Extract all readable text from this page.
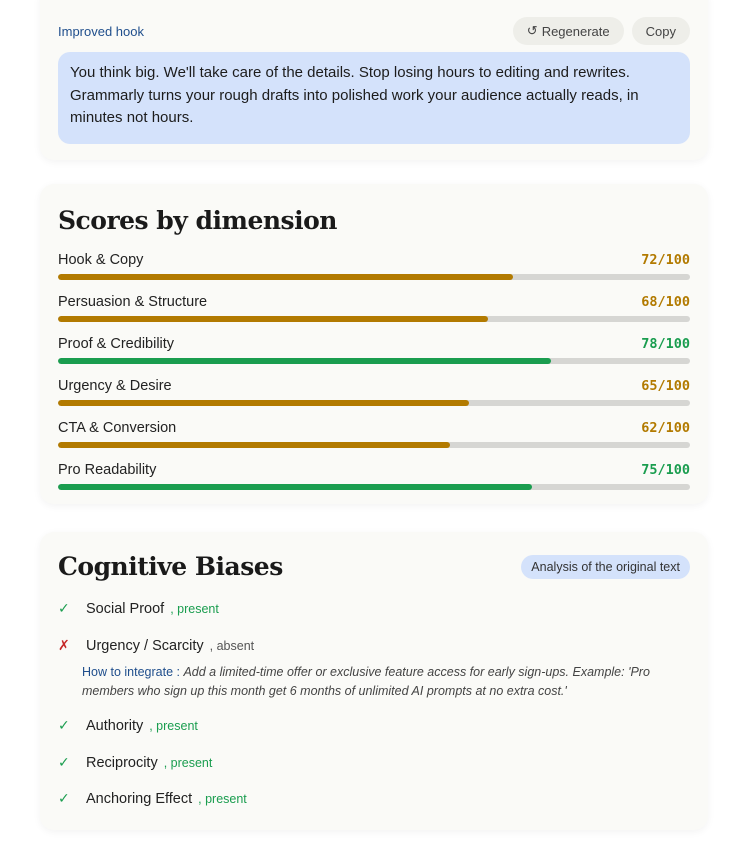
Improved hook	↺ Regenerate	Copy
You think big. We'll take care of the details. Stop losing hours to editing and rewrites. Grammarly turns your rough drafts into polished work your audience actually reads, in minutes not hours.
Scores by dimension
Hook & Copy	72/100
Persuasion & Structure	68/100
Proof & Credibility	78/100
Urgency & Desire	65/100
CTA & Conversion	62/100
Pro Readability	75/100
Cognitive Biases	Analysis of the original text
✓	Social Proof , present
✗	Urgency / Scarcity , absent
How to integrate : Add a limited-time offer or exclusive feature access for early sign-ups. Example: 'Pro members who sign up this month get 6 months of unlimited AI prompts at no extra cost.'
✓	Authority , present
✓	Reciprocity , present
✓	Anchoring Effect , present
